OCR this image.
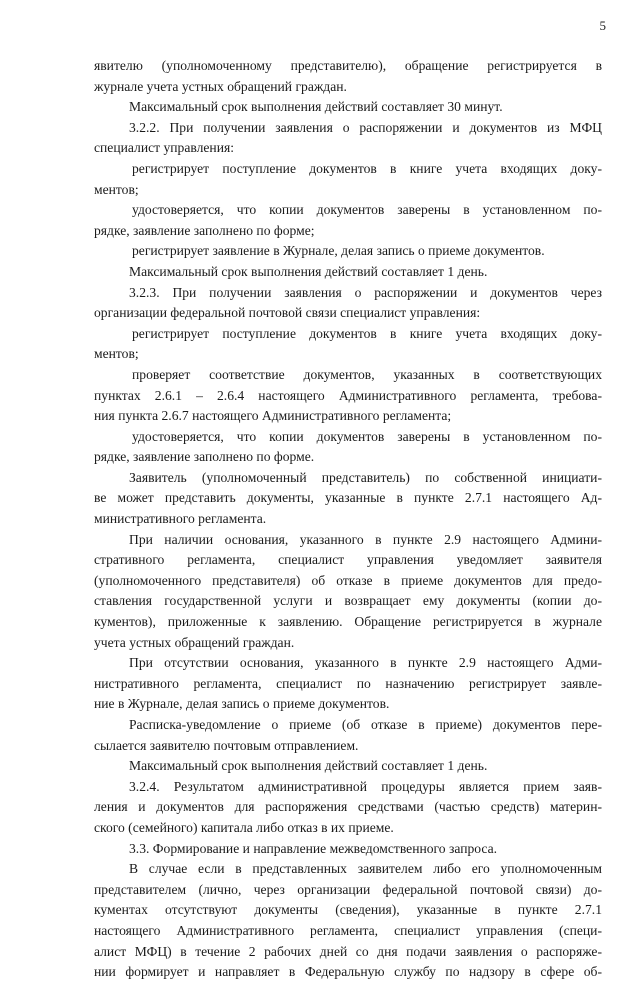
5
явителю (уполномоченному представителю), обращение регистрируется в
журнале учета устных обращений граждан.
Максимальный срок выполнения действий составляет 30 минут.
3.2.2. При получении заявления о распоряжении и документов из МФЦ
специалист управления:
регистрирует поступление документов в книге учета входящих доку-
ментов;
удостоверяется, что копии документов заверены в установленном по-
рядке, заявление заполнено по форме;
регистрирует заявление в Журнале, делая запись о приеме документов.
Максимальный срок выполнения действий составляет 1 день.
3.2.3. При получении заявления о распоряжении и документов через
организации федеральной почтовой связи специалист управления:
регистрирует поступление документов в книге учета входящих доку-
ментов;
проверяет соответствие документов, указанных в соответствующих
пунктах 2.6.1 – 2.6.4 настоящего Административного регламента, требова-
ния пункта 2.6.7 настоящего Административного регламента;
удостоверяется, что копии документов заверены в установленном по-
рядке, заявление заполнено по форме.
Заявитель (уполномоченный представитель) по собственной инициати-
ве может представить документы, указанные в пункте 2.7.1 настоящего Ад-
министративного регламента.
При наличии основания, указанного в пункте 2.9 настоящего Админи-
стративного регламента, специалист управления уведомляет заявителя
(уполномоченного представителя) об отказе в приеме документов для предо-
ставления государственной услуги и возвращает ему документы (копии до-
кументов), приложенные к заявлению. Обращение регистрируется в журнале
учета устных обращений граждан.
При отсутствии основания, указанного в пункте 2.9 настоящего Адми-
нистративного регламента, специалист по назначению регистрирует заявле-
ние в Журнале, делая запись о приеме документов.
Расписка-уведомление о приеме (об отказе в приеме) документов пере-
сылается заявителю почтовым отправлением.
Максимальный срок выполнения действий составляет 1 день.
3.2.4. Результатом административной процедуры является прием заяв-
ления и документов для распоряжения средствами (частью средств) материн-
ского (семейного) капитала либо отказ в их приеме.
3.3. Формирование и направление межведомственного запроса.
В случае если в представленных заявителем либо его уполномоченным
представителем (лично, через организации федеральной почтовой связи) до-
кументах отсутствуют документы (сведения), указанные в пункте 2.7.1
настоящего Административного регламента, специалист управления (специ-
алист МФЦ) в течение 2 рабочих дней со дня подачи заявления о распоряже-
нии формирует и направляет в Федеральную службу по надзору в сфере об-
